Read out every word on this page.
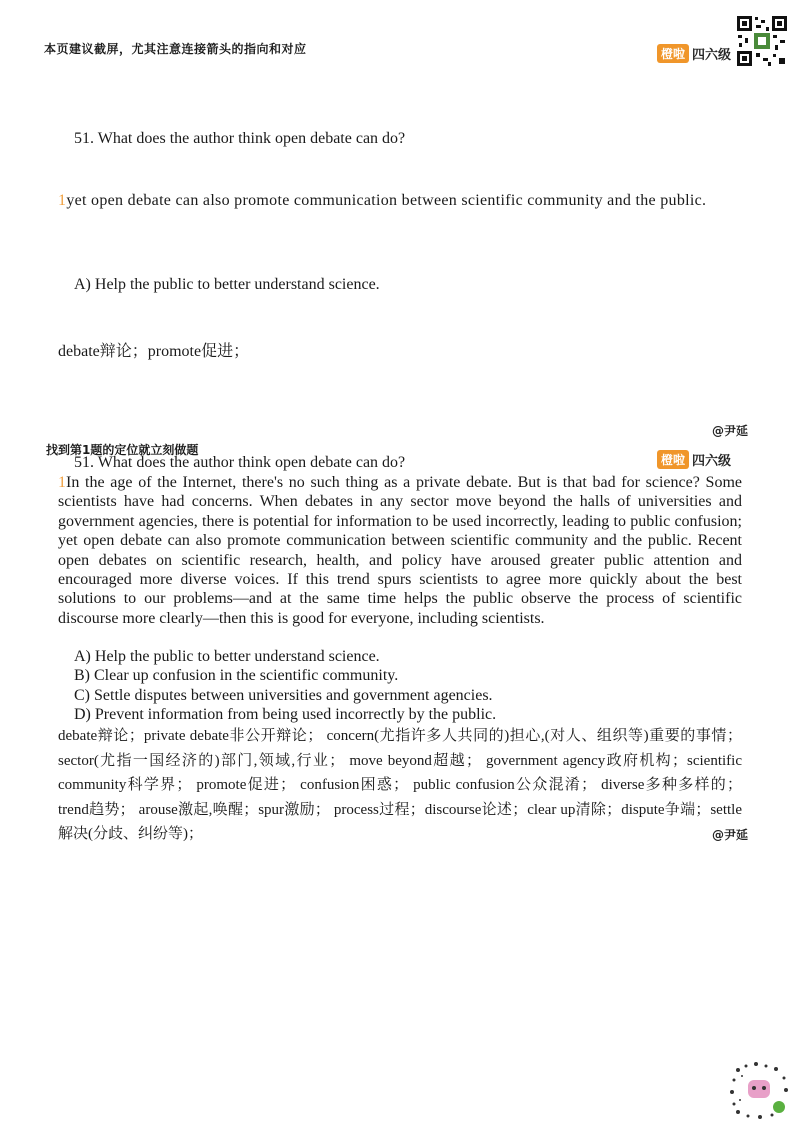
本页建议截屏，尤其注意连接箭头的指向和对应	橙啦 四六级
51. What does the author think open debate can do?
1yet open debate can also promote communication between scientific community and the public.
A) Help the public to better understand science.
debate辩论；promote促进；
@尹延
找到第1题的定位就立刻做题
橙啦 四六级
51. What does the author think open debate can do?
1In the age of the Internet, there's no such thing as a private debate. But is that bad for science? Some scientists have had concerns. When debates in any sector move beyond the halls of universities and government agencies, there is potential for information to be used incorrectly, leading to public confusion; yet open debate can also promote communication between scientific community and the public. Recent open debates on scientific research, health, and policy have aroused greater public attention and encouraged more diverse voices. If this trend spurs scientists to agree more quickly about the best solutions to our problems—and at the same time helps the public observe the process of scientific discourse more clearly—then this is good for everyone, including scientists.
A) Help the public to better understand science.
B) Clear up confusion in the scientific community.
C) Settle disputes between universities and government agencies.
D) Prevent information from being used incorrectly by the public.
debate辩论；private debate非公开辩论； concern(尤指许多人共同的)担心,(对人、组织等)重要的事情； sector(尤指一国经济的)部门,领域,行业； move beyond超越； government agency政府机构；scientific community科学界； promote促进； confusion困惑； public confusion公众混淆； diverse多种多样的； trend趋势； arouse激起,唤醒；spur激励； process过程；discourse论述；clear up清除；dispute争端；settle解决(分歧、纠纷等)；	@尹延
